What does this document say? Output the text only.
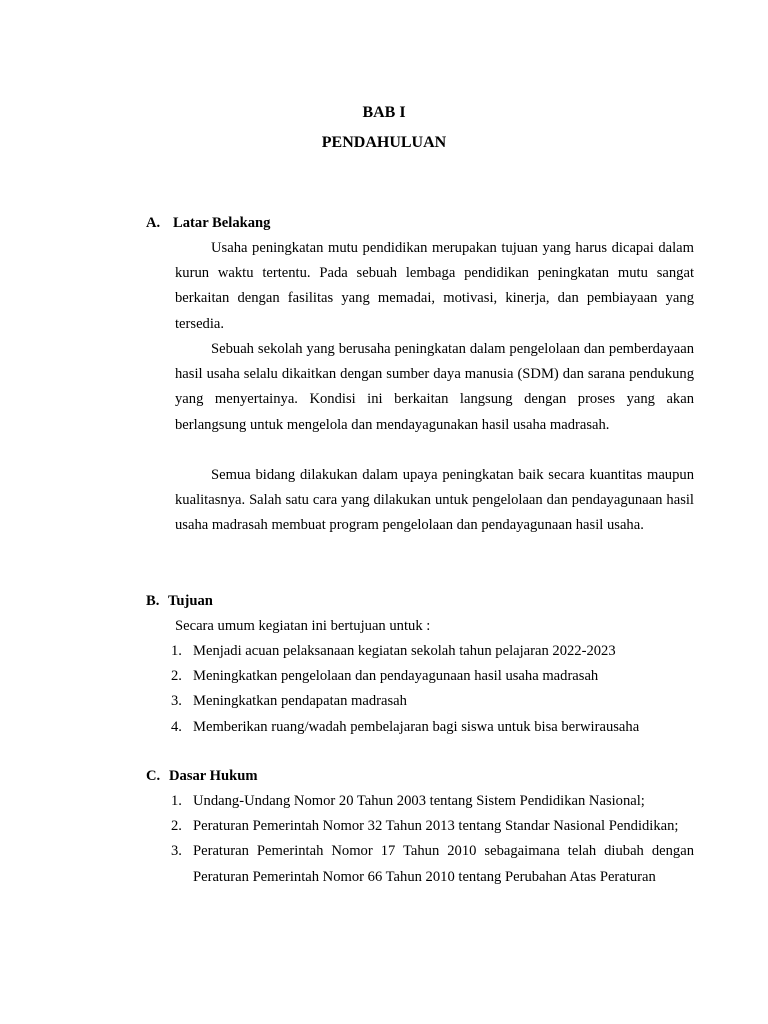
BAB I
PENDAHULUAN
A. Latar Belakang

Usaha peningkatan mutu pendidikan merupakan tujuan yang harus dicapai dalam kurun waktu tertentu. Pada sebuah lembaga pendidikan peningkatan mutu sangat berkaitan dengan fasilitas yang memadai, motivasi, kinerja, dan pembiayaan yang tersedia.

Sebuah sekolah yang berusaha peningkatan dalam pengelolaan dan pemberdayaan hasil usaha selalu dikaitkan dengan sumber daya manusia (SDM) dan sarana pendukung yang menyertainya. Kondisi ini berkaitan langsung dengan proses yang akan berlangsung untuk mengelola dan mendayagunakan hasil usaha madrasah.

Semua bidang dilakukan dalam upaya peningkatan baik secara kuantitas maupun kualitasnya. Salah satu cara yang dilakukan untuk pengelolaan dan pendayagunaan hasil usaha madrasah membuat program pengelolaan dan pendayagunaan hasil usaha.

B. Tujuan
Secara umum kegiatan ini bertujuan untuk :
1. Menjadi acuan pelaksanaan kegiatan sekolah tahun pelajaran 2022-2023
2. Meningkatkan pengelolaan dan pendayagunaan hasil usaha madrasah
3. Meningkatkan pendapatan madrasah
4. Memberikan ruang/wadah pembelajaran bagi siswa untuk bisa berwirausaha
C. Dasar Hukum
1. Undang-Undang Nomor 20 Tahun 2003 tentang Sistem Pendidikan Nasional;
2. Peraturan Pemerintah Nomor 32 Tahun 2013 tentang Standar Nasional Pendidikan;
3. Peraturan Pemerintah Nomor 17 Tahun 2010 sebagaimana telah diubah dengan Peraturan Pemerintah Nomor 66 Tahun 2010 tentang Perubahan Atas Peraturan
